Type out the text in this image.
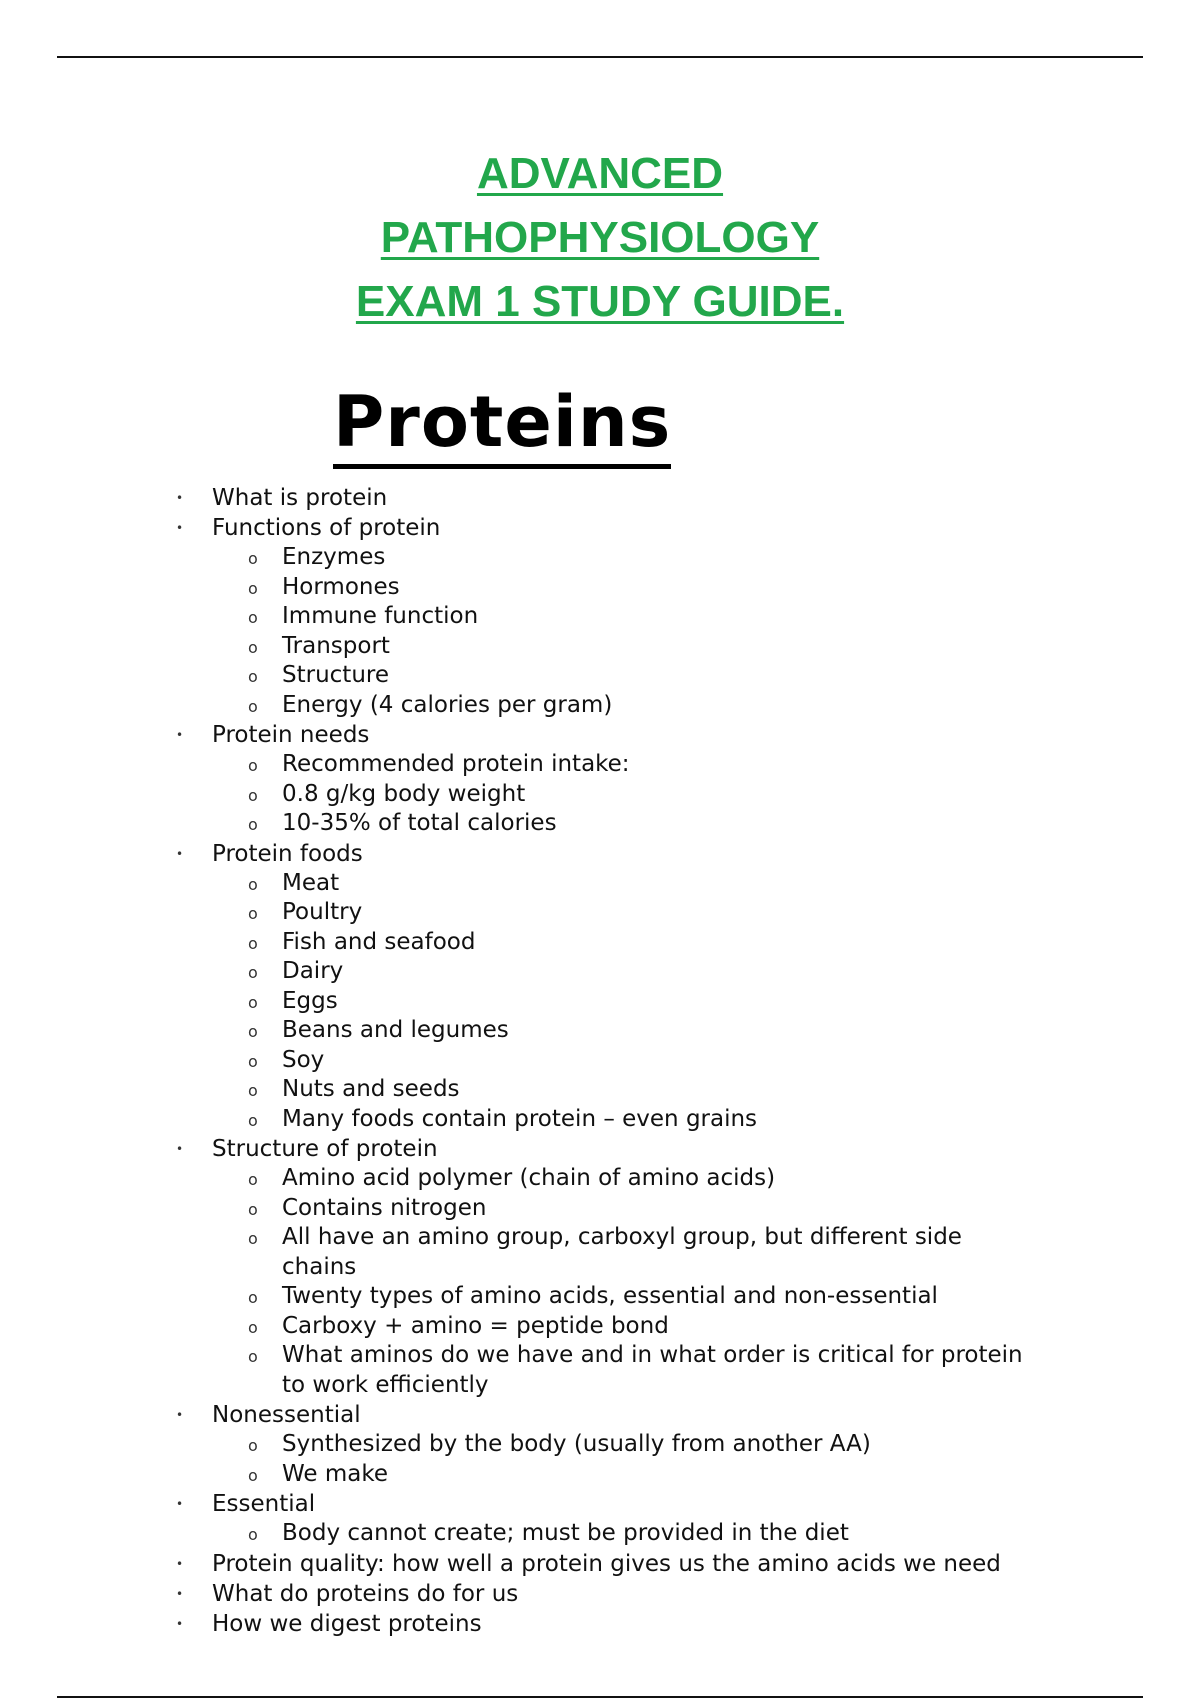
ADVANCED
PATHOPHYSIOLOGY
EXAM 1 STUDY GUIDE.
Proteins
• What is protein
• Functions of protein
o Enzymes
o Hormones
o Immune function
o Transport
o Structure
o Energy (4 calories per gram)
• Protein needs
o Recommended protein intake:
o 0.8 g/kg body weight
o 10-35% of total calories
• Protein foods
o Meat
o Poultry
o Fish and seafood
o Dairy
o Eggs
o Beans and legumes
o Soy
o Nuts and seeds
o Many foods contain protein – even grains
• Structure of protein
o Amino acid polymer (chain of amino acids)
o Contains nitrogen
o All have an amino group, carboxyl group, but different side chains
o Twenty types of amino acids, essential and non-essential
o Carboxy + amino = peptide bond
o What aminos do we have and in what order is critical for protein to work efficiently
• Nonessential
o Synthesized by the body (usually from another AA)
o We make
• Essential
o Body cannot create; must be provided in the diet
• Protein quality: how well a protein gives us the amino acids we need
• What do proteins do for us
• How we digest proteins
